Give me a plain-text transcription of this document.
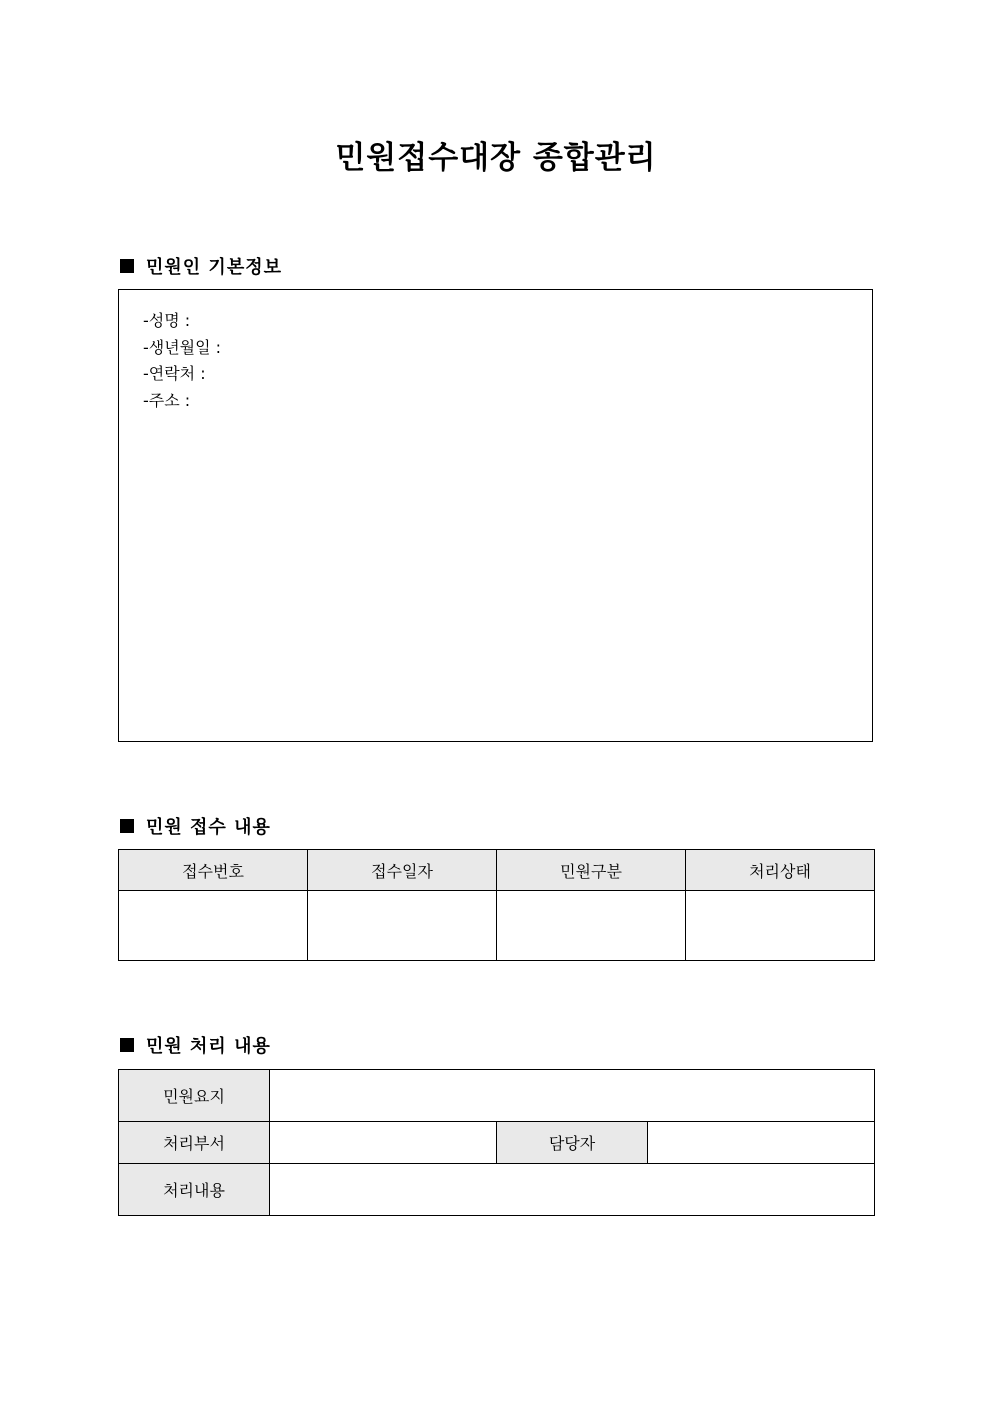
민원접수대장 종합관리
민원인 기본정보
-성명 :
-생년월일 :
-연락처 :
-주소 :
민원 접수 내용
접수번호	접수일자	민원구분	처리상태

민원 처리 내용
민원요지			
처리부서		담당자	
처리내용			
